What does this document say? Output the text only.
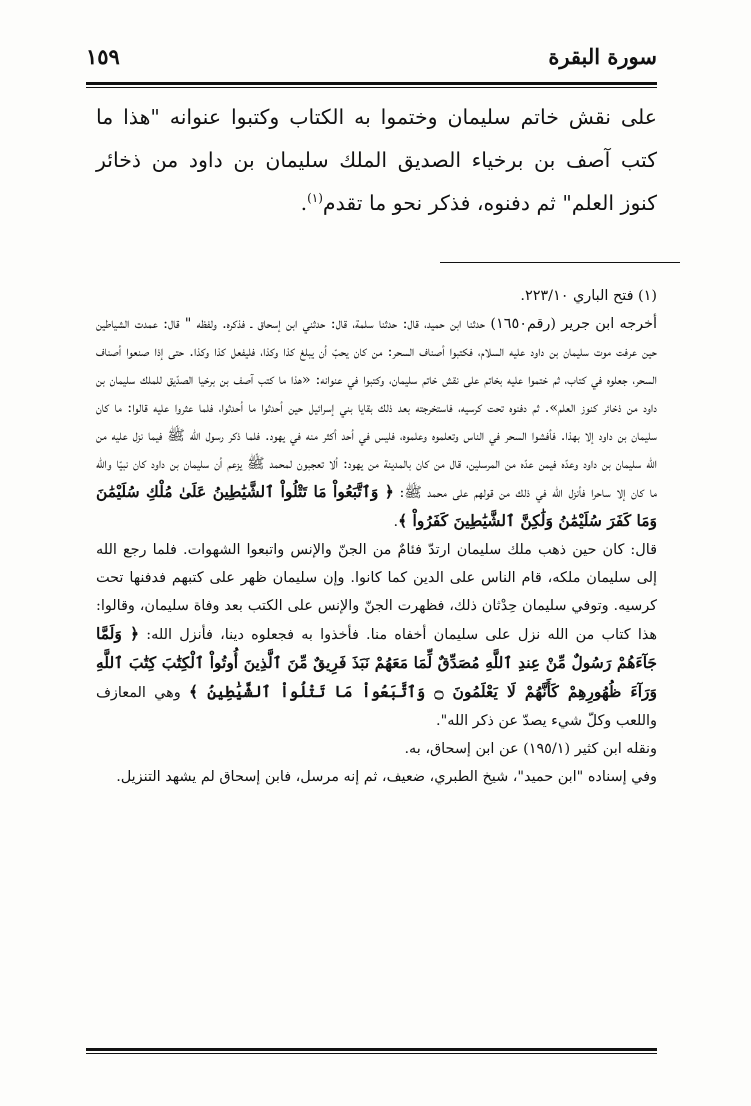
سورة البقرة
١٥٩

على نقش خاتم سليمان وختموا به الكتاب وكتبوا عنوانه "هذا ما كتب آصف بن برخياء الصديق الملك سليمان بن داود من ذخائر كنوز العلم" ثم دفنوه، فذكر نحو ما تقدم$^{(١)}$.

(١) فتح الباري ٢٢٣/١٠.

أخرجه ابن جرير (رقم١٦٥٠) حدثنا ابن حميد، قال: حدثنا سلمة، قال: حدثني ابن إسحاق ـ فذكره. ولفظه " قال: عمدت الشياطين حين عرفت موت سليمان بن داود عليه السلام، فكتبوا أصناف السحر: من كان يحبّ أن يبلغ كذا وكذا، فليفعل كذا وكذا. حتى إذا صنعوا أصناف السحر، جعلوه في كتاب، ثم ختموا عليه بخاتم على نقش خاتم سليمان، وكتبوا في عنوانه: «هذا ما كتب آصف بن برخيا الصدّيق للملك سليمان بن داود من ذخائر كنوز العلم». ثم دفنوه تحت كرسيه، فاستخرجته بعد ذلك بقايا بني إسرائيل حين أحدثوا ما أحدثوا، فلما عثروا عليه قالوا: ما كان سليمان بن داود إلا بهذا. فأفشوا السحر في الناس وتعلموه وعلموه، فليس في أحد أكثر منه في يهود. فلما ذكر رسول الله ﷺ فيما نزل عليه من الله سليمان بن داود وعدّه فيمن عدّه من المرسلين، قال من كان بالمدينة من يهود: ألا تعجبون لمحمد ﷺ يزعم أن سليمان بن داود كان نبيّا والله ما كان إلا ساحرا فأنزل الله في ذلك من قولهم على محمد ﷺ: ﴿ وَٱتَّبَعُواْ مَا تَتْلُواْ ٱلشَّيَٰطِينُ عَلَىٰ مُلْكِ سُلَيْمَٰنَ وَمَا كَفَرَ سُلَيْمَٰنُ وَلَٰكِنَّ ٱلشَّيَٰطِينَ كَفَرُواْ ﴾.

قال: كان حين ذهب ملك سليمان ارتدّ فئامٌ من الجنّ والإنس واتبعوا الشهوات. فلما رجع الله إلى سليمان ملكه، قام الناس على الدين كما كانوا. وإن سليمان ظهر على كتبهم فدفنها تحت كرسيه. وتوفي سليمان حِدْثان ذلك، فظهرت الجنّ والإنس على الكتب بعد وفاة سليمان، وقالوا: هذا كتاب من الله نزل على سليمان أخفاه منا. فأخذوا به فجعلوه دينا، فأنزل الله: ﴿ وَلَمَّا جَآءَهُمْ رَسُولٌ مِّنْ عِندِ ٱللَّهِ مُصَدِّقٌ لِّمَا مَعَهُمْ نَبَذَ فَرِيقٌ مِّنَ ٱلَّذِينَ أُوتُواْ ٱلْكِتَٰبَ كِتَٰبَ ٱللَّهِ وَرَآءَ ظُهُورِهِمْ كَأَنَّهُمْ لَا يَعْلَمُونَ ۝ وَٱتَّبَعُواْ مَا تَتْلُواْ ٱلشَّيَٰطِينُ ﴾ وهي المعازف واللعب وكلّ شيء يصدّ عن ذكر الله".

ونقله ابن كثير (١٩٥/١) عن ابن إسحاق، به.

وفي إسناده "ابن حميد"، شيخ الطبري، ضعيف، ثم إنه مرسل، فابن إسحاق لم يشهد التنزيل.
